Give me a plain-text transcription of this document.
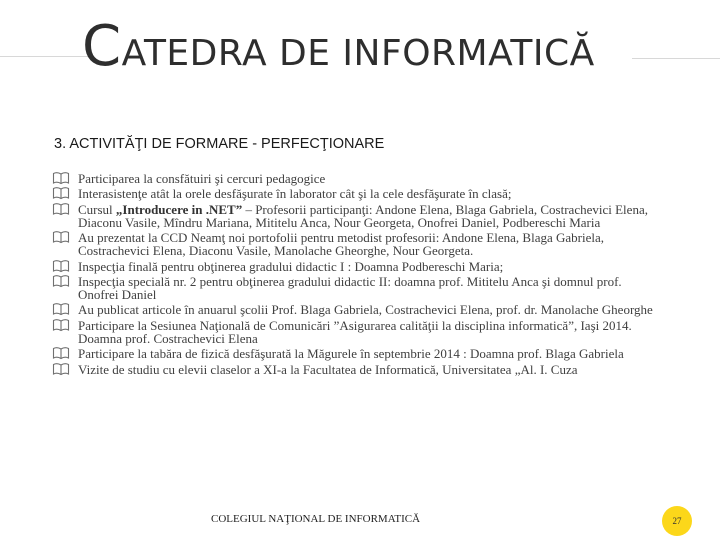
CATEDRA DE INFORMATICĂ
3. ACTIVITĂŢI DE FORMARE - PERFECŢIONARE
Participarea la consfătuiri şi cercuri pedagogice
Interasistenţe atât la orele desfăşurate în laborator cât şi la cele desfăşurate în clasă;
Cursul „Introducere in .NET” – Profesorii participanţi: Andone Elena, Blaga Gabriela, Costrachevici Elena, Diaconu Vasile, Mîndru Mariana, Mititelu Anca, Nour Georgeta, Onofrei Daniel, Podbereschi Maria
Au prezentat la CCD Neamţ noi portofolii pentru metodist profesorii: Andone Elena, Blaga Gabriela, Costrachevici Elena, Diaconu Vasile, Manolache Gheorghe, Nour Georgeta.
Inspecţia finală pentru obţinerea gradului didactic I : Doamna Podbereschi Maria;
Inspecţia specială nr. 2 pentru obţinerea gradului didactic II: doamna prof. Mititelu Anca şi domnul prof. Onofrei Daniel
Au publicat articole în anuarul şcolii Prof. Blaga Gabriela, Costrachevici Elena, prof. dr. Manolache Gheorghe
Participare la Sesiunea Naţională de Comunicări ”Asigurarea calităţii la disciplina informatică”, Iaşi 2014. Doamna prof. Costrachevici Elena
Participare la tabăra de fizică desfăşurată la Măgurele în septembrie 2014 : Doamna prof. Blaga Gabriela
Vizite de studiu cu elevii claselor a XI-a la Facultatea de Informatică, Universitatea „Al. I. Cuza
COLEGIUL NAŢIONAL DE INFORMATICĂ	27
